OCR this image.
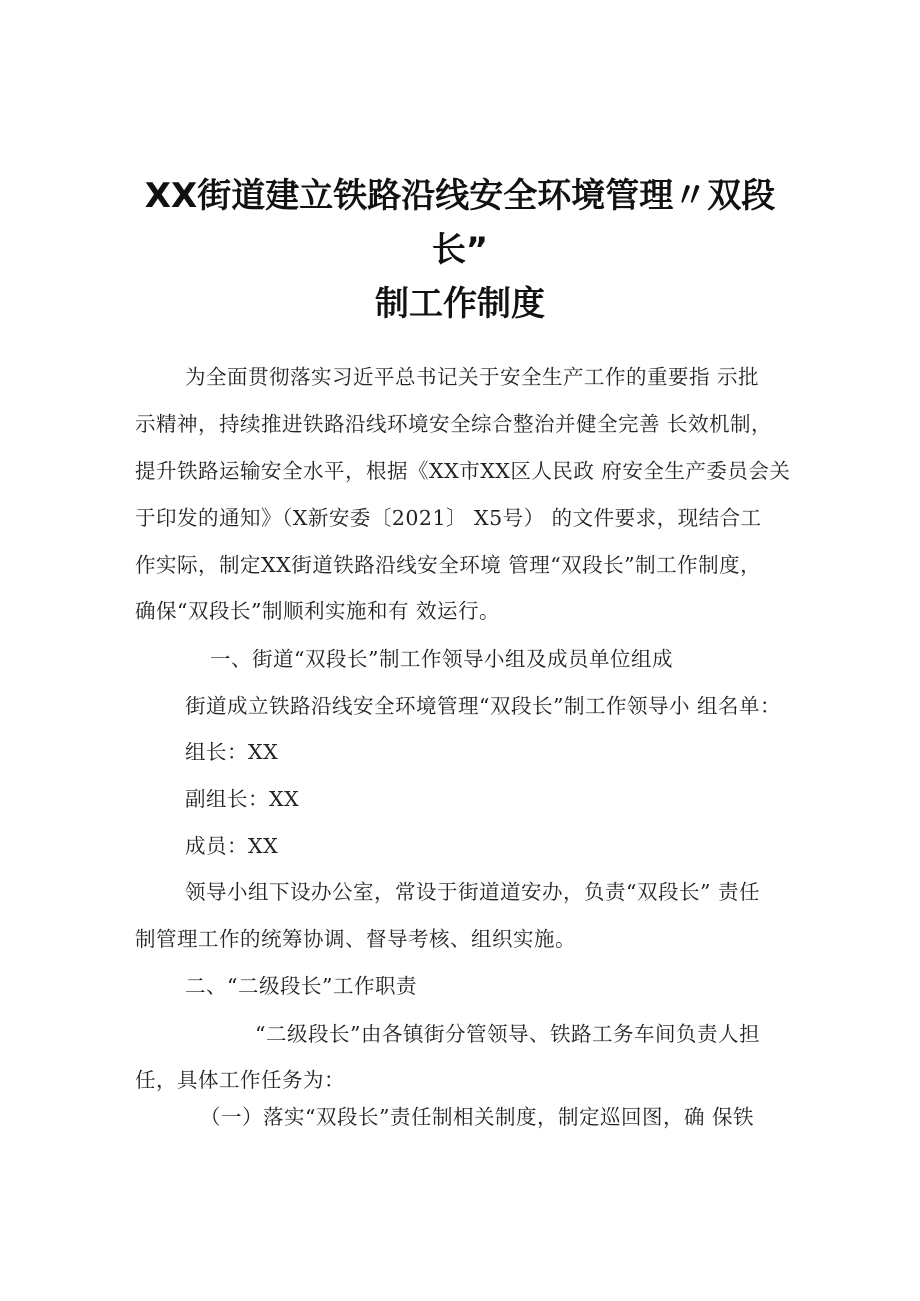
XX街道建立铁路沿线安全环境管理〃双段
长”
制工作制度

为全面贯彻落实习近平总书记关于安全生产工作的重要指 示批

示精神，持续推进铁路沿线环境安全综合整治并健全完善 长效机制，

提升铁路运输安全水平，根据《XX市XX区人民政 府安全生产委员会关

于印发的通知》（X新安委〔2021〕 X5号） 的文件要求，现结合工

作实际，制定XX街道铁路沿线安全环境 管理“双段长”制工作制度，

确保“双段长”制顺利实施和有 效运行。

一、街道“双段长”制工作领导小组及成员单位组成

街道成立铁路沿线安全环境管理“双段长”制工作领导小 组名单：

组长：XX

副组长：XX

成员：XX

领导小组下设办公室，常设于街道道安办，负责“双段长” 责任

制管理工作的统筹协调、督导考核、组织实施。

二、“二级段长”工作职责

“二级段长”由各镇街分管领导、铁路工务车间负责人担

任，具体工作任务为：

（一）落实“双段长”责任制相关制度，制定巡回图，确 保铁
